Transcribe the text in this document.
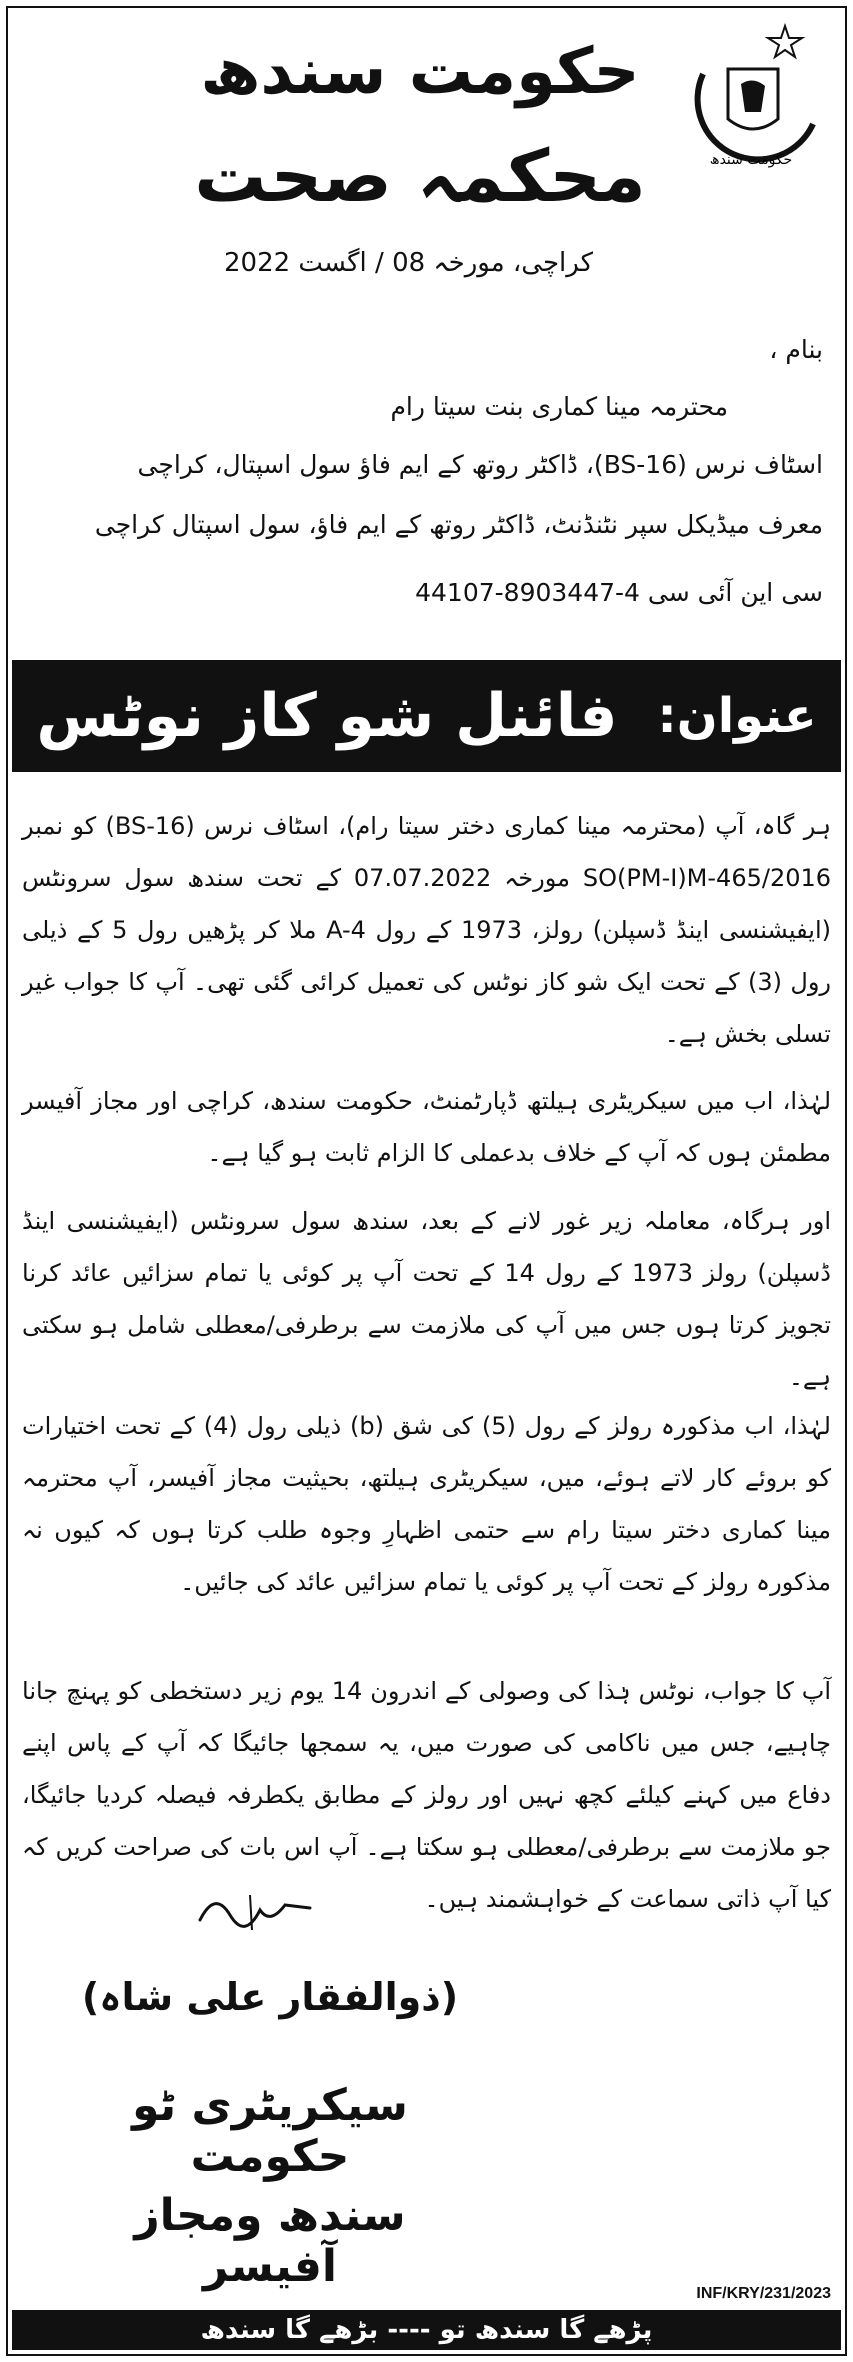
حکومت سندھ
محکمہ صحت	حکومت سندھ
کراچی، مورخہ 08 / اگست 2022
بنام ،
محترمہ مینا کماری بنت سیتا رام
اسٹاف نرس (BS-16)، ڈاکٹر روتھ کے ایم فاؤ سول اسپتال، کراچی
معرف میڈیکل سپر نٹنڈنٹ، ڈاکٹر روتھ کے ایم فاؤ، سول اسپتال کراچی
سی این آئی سی 4-8903447-44107
عنوان:
فائنل شو کاز نوٹس
ہر گاہ، آپ (محترمہ مینا کماری دختر سیتا رام)، اسٹاف نرس (BS-16) کو نمبر SO(PM-I)M-465/2016 مورخہ 07.07.2022 کے تحت سندھ سول سرونٹس (ایفیشنسی اینڈ ڈسپلن) رولز، 1973 کے رول A-4 ملا کر پڑھیں رول 5 کے ذیلی رول (3) کے تحت ایک شو کاز نوٹس کی تعمیل کرائی گئی تھی۔ آپ کا جواب غیر تسلی بخش ہے۔
لہٰذا، اب میں سیکریٹری ہیلتھ ڈپارٹمنٹ، حکومت سندھ، کراچی اور مجاز آفیسر مطمئن ہوں کہ آپ کے خلاف بدعملی کا الزام ثابت ہو گیا ہے۔
اور ہرگاہ، معاملہ زیر غور لانے کے بعد، سندھ سول سرونٹس (ایفیشنسی اینڈ ڈسپلن) رولز 1973 کے رول 14 کے تحت آپ پر کوئی یا تمام سزائیں عائد کرنا تجویز کرتا ہوں جس میں آپ کی ملازمت سے برطرفی/معطلی شامل ہو سکتی ہے۔
لہٰذا، اب مذکورہ رولز کے رول (5) کی شق (b) ذیلی رول (4) کے تحت اختیارات کو بروئے کار لاتے ہوئے، میں، سیکریٹری ہیلتھ، بحیثیت مجاز آفیسر، آپ محترمہ مینا کماری دختر سیتا رام سے حتمی اظہارِ وجوہ طلب کرتا ہوں کہ کیوں نہ مذکورہ رولز کے تحت آپ پر کوئی یا تمام سزائیں عائد کی جائیں۔
آپ کا جواب، نوٹس ہٰذا کی وصولی کے اندرون 14 یوم زیر دستخطی کو پہنچ جانا چاہیے، جس میں ناکامی کی صورت میں، یہ سمجھا جائیگا کہ آپ کے پاس اپنے دفاع میں کہنے کیلئے کچھ نہیں اور رولز کے مطابق یکطرفہ فیصلہ کردیا جائیگا، جو ملازمت سے برطرفی/معطلی ہو سکتا ہے۔ آپ اس بات کی صراحت کریں کہ کیا آپ ذاتی سماعت کے خواہشمند ہیں۔
(ذوالفقار علی شاہ)
سیکریٹری ٹو حکومت
سندھ ومجاز آفیسر
INF/KRY/231/2023
پڑھے گا سندھ تو ---- بڑھے گا سندھ
